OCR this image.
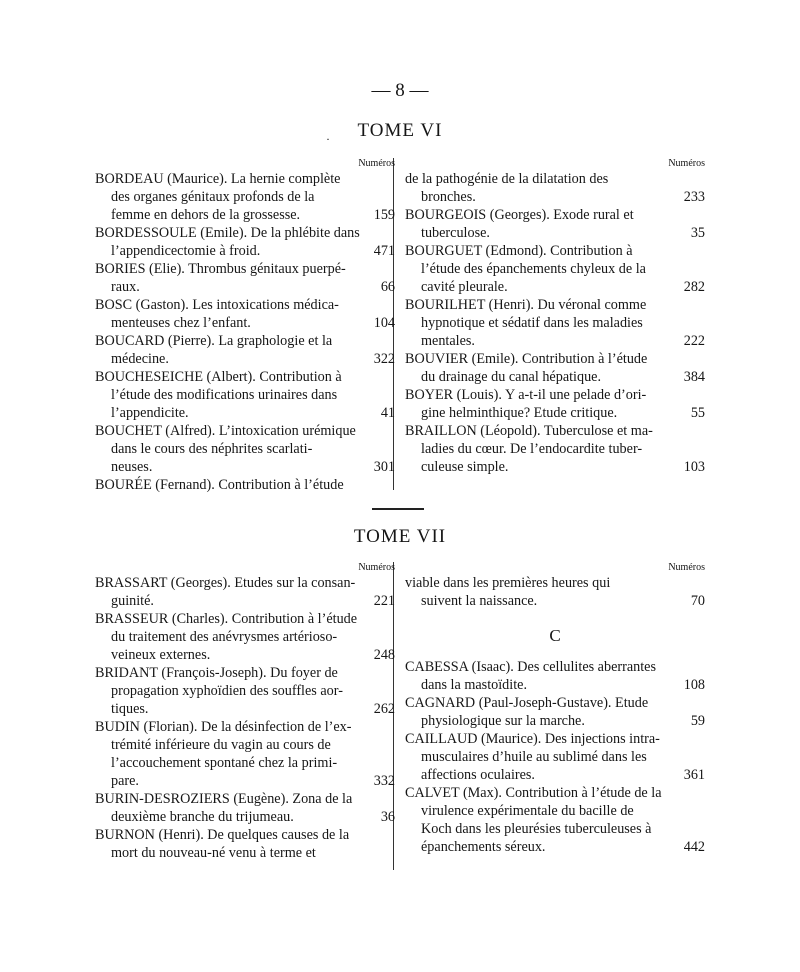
— 8 —
·	TOME VI
Numéros
BORDEAU (Maurice). La hernie complète
des organes génitaux profonds de la
femme en dehors de la grossesse.	159
BORDESSOULE (Emile). De la phlébite dans
l’appendicectomie à froid.	471
BORIES (Elie). Thrombus génitaux puerpé-
raux.	66
BOSC (Gaston). Les intoxications médica-
menteuses chez l’enfant.	104
BOUCARD (Pierre). La graphologie et la
médecine.	322
BOUCHESEICHE (Albert). Contribution à
l’étude des modifications urinaires dans
l’appendicite.	41
BOUCHET (Alfred). L’intoxication urémique
dans le cours des néphrites scarlati-
neuses.	301
BOURÉE (Fernand). Contribution à l’étude
Numéros
de la pathogénie de la dilatation des
bronches.	233
BOURGEOIS (Georges). Exode rural et
tuberculose.	35
BOURGUET (Edmond). Contribution à
l’étude des épanchements chyleux de la
cavité pleurale.	282
BOURILHET (Henri). Du véronal comme
hypnotique et sédatif dans les maladies
mentales.	222
BOUVIER (Emile). Contribution à l’étude
du drainage du canal hépatique.	384
BOYER (Louis). Y a-t-il une pelade d’ori-
gine helminthique? Etude critique.	55
BRAILLON (Léopold). Tuberculose et ma-
ladies du cœur. De l’endocardite tuber-
culeuse simple.	103
TOME VII
Numéros
BRASSART (Georges). Etudes sur la consan-
guinité.	221
BRASSEUR (Charles). Contribution à l’étude
du traitement des anévrysmes artérioso-
veineux externes.	248
BRIDANT (François-Joseph). Du foyer de
propagation xyphoïdien des souffles aor-
tiques.	262
BUDIN (Florian). De la désinfection de l’ex-
trémité inférieure du vagin au cours de
l’accouchement spontané chez la primi-
pare.	332
BURIN-DESROZIERS (Eugène). Zona de la
deuxième branche du trijumeau.	36
BURNON (Henri). De quelques causes de la
mort du nouveau-né venu à terme et
Numéros
viable dans les premières heures qui
suivent la naissance.	70
C
CABESSA (Isaac). Des cellulites aberrantes
dans la mastoïdite.	108
CAGNARD (Paul-Joseph-Gustave). Etude
physiologique sur la marche.	59
CAILLAUD (Maurice). Des injections intra-
musculaires d’huile au sublimé dans les
affections oculaires.	361
CALVET (Max). Contribution à l’étude de la
virulence expérimentale du bacille de
Koch dans les pleurésies tuberculeuses à
épanchements séreux.	442
